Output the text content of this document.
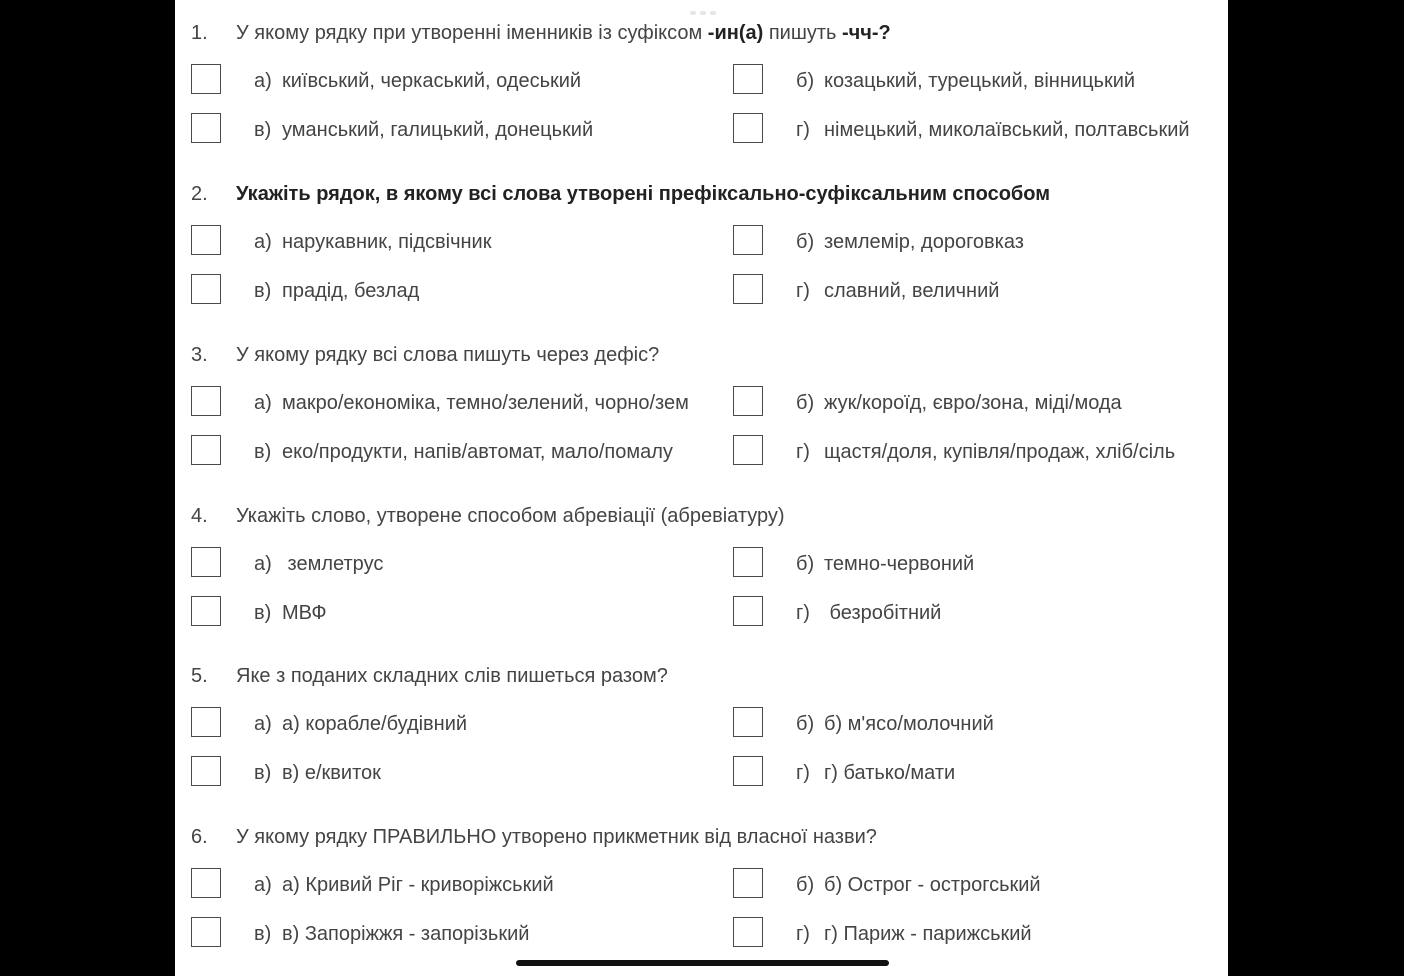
1. У якому рядку при утворенні іменників із суфіксом -ин(а) пишуть -чч-?
а) київський, черкаський, одеський	б) козацький, турецький, вінницький
в) уманський, галицький, донецький	г) німецький, миколаївський, полтавський
2. Укажіть рядок, в якому всі слова утворені префіксально-суфіксальним способом
а) нарукавник, підсвічник	б) землемір, дороговказ
в) прадід, безлад	г) славний, величний
3. У якому рядку всі слова пишуть через дефіс?
а) макро/економіка, темно/зелений, чорно/зем	б) жук/короїд, євро/зона, міді/мода
в) еко/продукти, напів/автомат, мало/помалу	г) щастя/доля, купівля/продаж, хліб/сіль
4. Укажіть слово, утворене способом абревіації (абревіатуру)
а) землетрус	б) темно-червоний
в) МВФ	г) безробітний
5. Яке з поданих складних слів пишеться разом?
а) а) корабле/будівний	б) б) м'ясо/молочний
в) в) е/квиток	г) г) батько/мати
6. У якому рядку ПРАВИЛЬНО утворено прикметник від власної назви?
а) а) Кривий Ріг - криворіжський	б) б) Острог - острогський
в) в) Запоріжжя - запорізький	г) г) Париж - парижський
